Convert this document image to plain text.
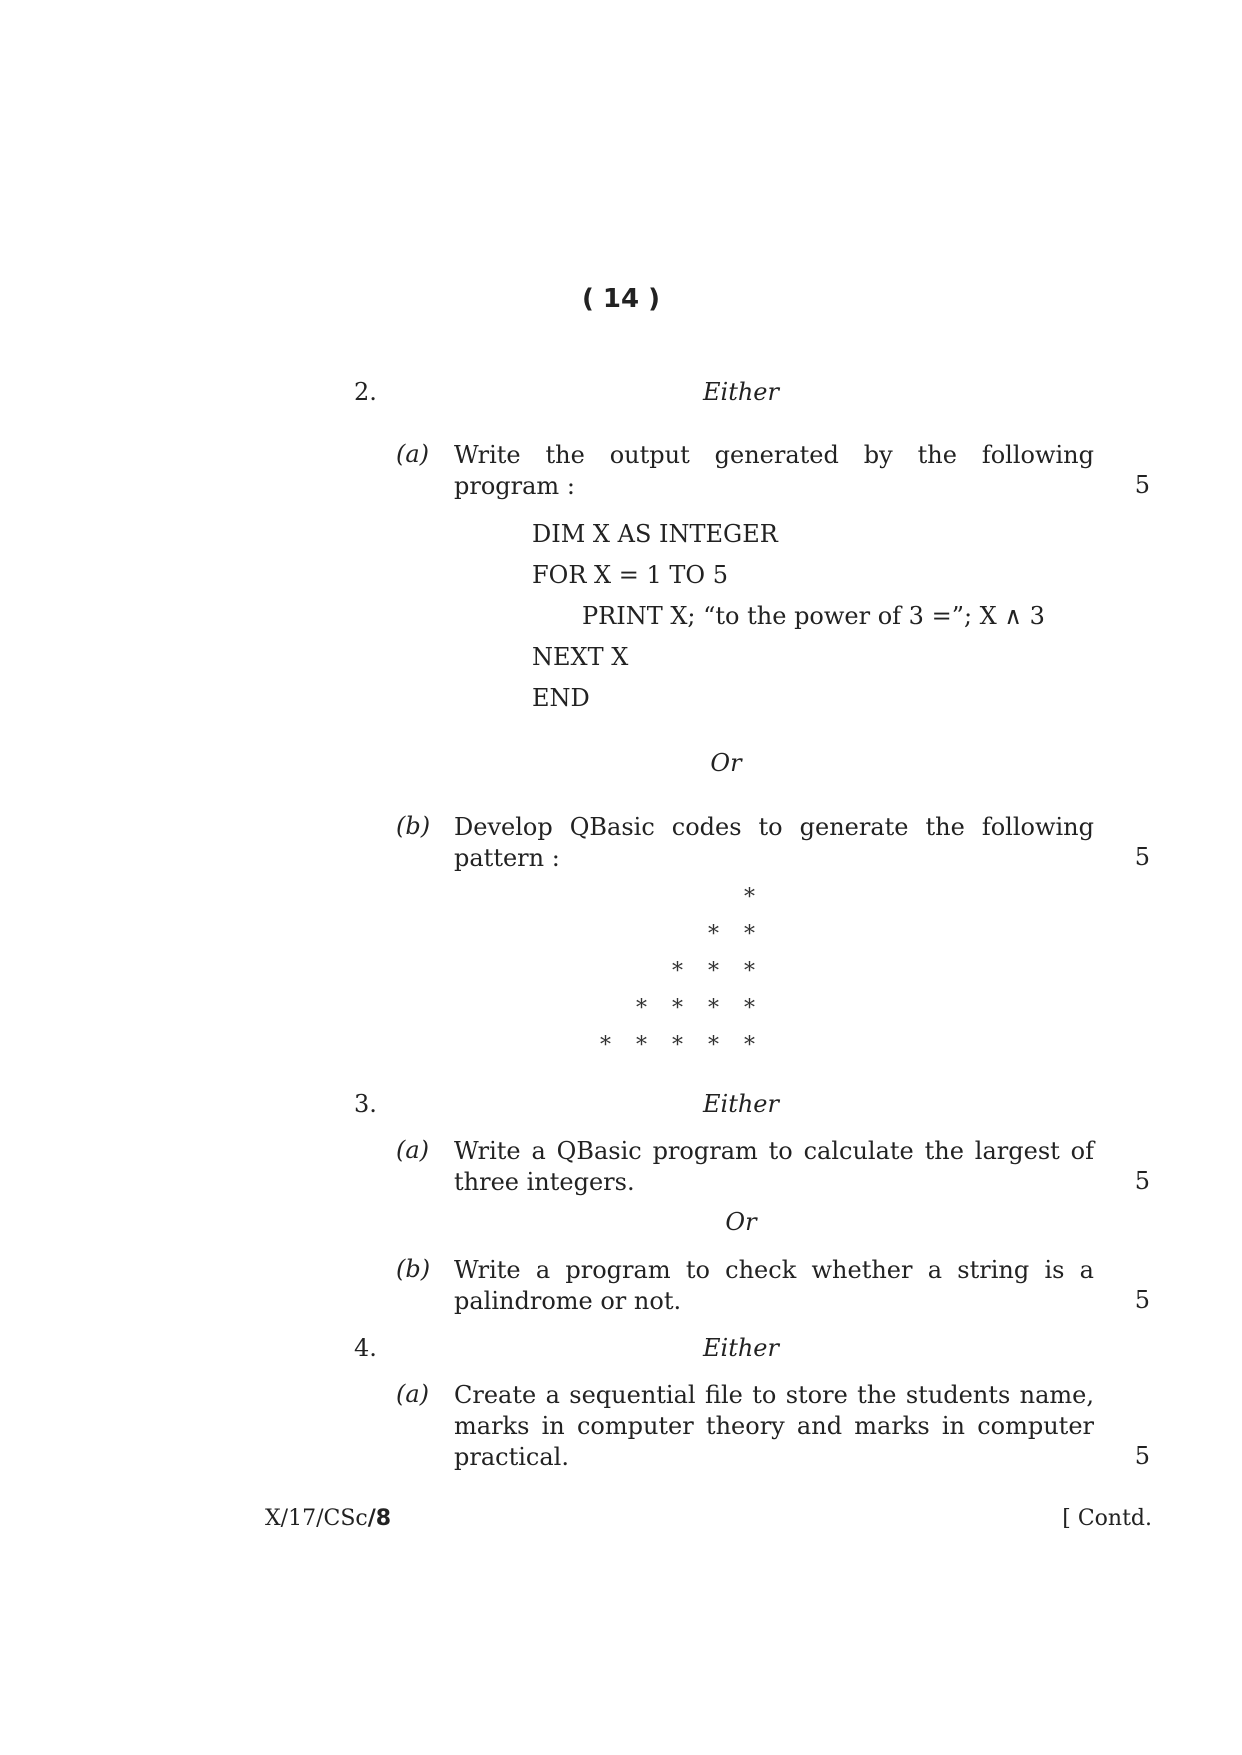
( 14 )
2.	Either
(a) Write the output generated by the following
program :	5
DIM X AS INTEGER
FOR X = 1 TO 5
PRINT X; “to the power of 3 =”; X ∧ 3
NEXT X
END
Or
(b) Develop QBasic codes to generate the following
pattern :	5
*
* *
* * *
* * * *
* * * * *
3.	Either
(a) Write a QBasic program to calculate the largest of
three integers.	5
Or
(b) Write a program to check whether a string is a
palindrome or not.	5
4.	Either
(a) Create a sequential file to store the students name,
marks in computer theory and marks in computer
practical.	5
X/17/CSc/8	[ Contd.
